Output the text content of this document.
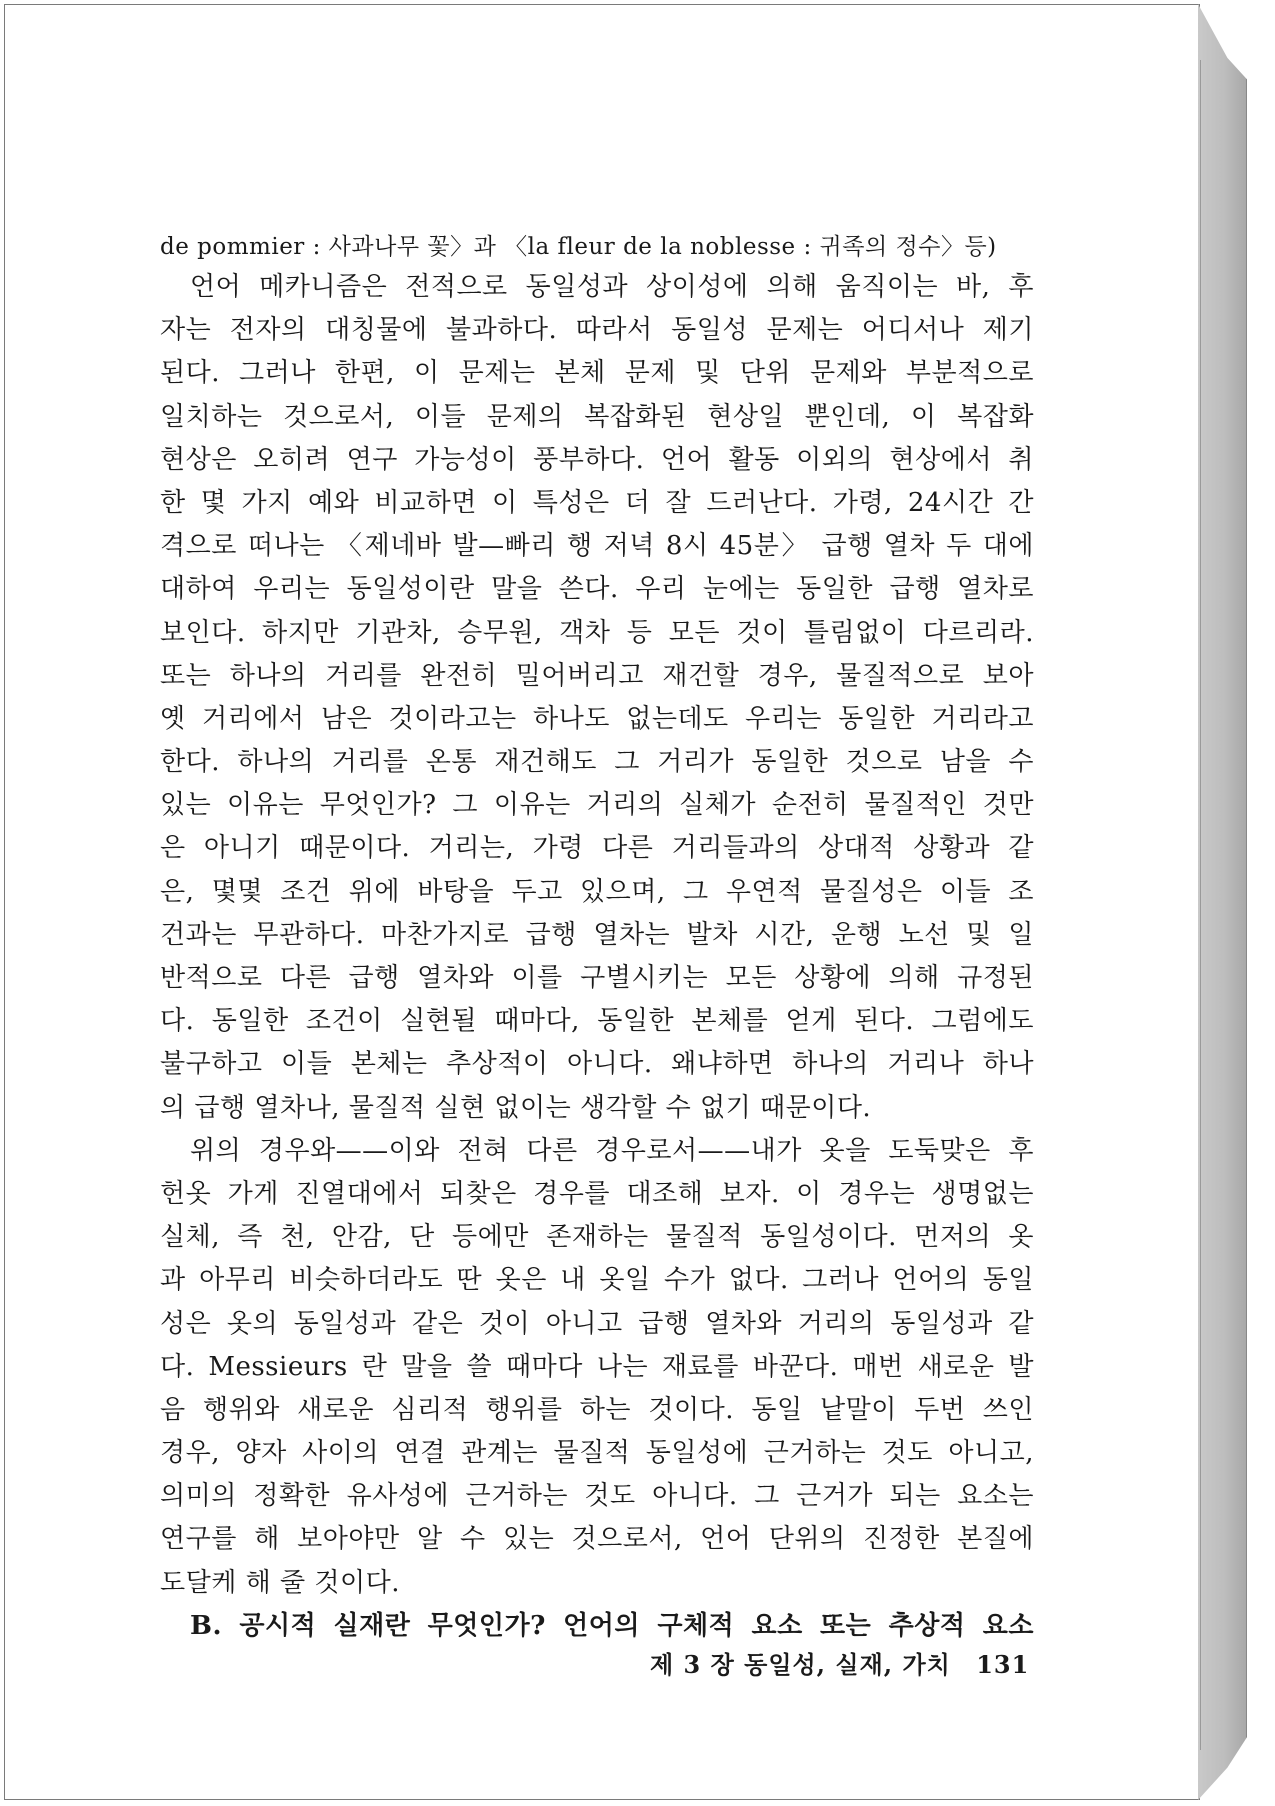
de pommier : 사과나무 꽃〉과 〈la fleur de la noblesse : 귀족의 정수〉등)
언어 메카니즘은 전적으로 동일성과 상이성에 의해 움직이는 바, 후
자는 전자의 대칭물에 불과하다. 따라서 동일성 문제는 어디서나 제기
된다. 그러나 한편, 이 문제는 본체 문제 및 단위 문제와 부분적으로
일치하는 것으로서, 이들 문제의 복잡화된 현상일 뿐인데, 이 복잡화
현상은 오히려 연구 가능성이 풍부하다. 언어 활동 이외의 현상에서 취
한 몇 가지 예와 비교하면 이 특성은 더 잘 드러난다. 가령, 24시간 간
격으로 떠나는 〈제네바 발—빠리 행 저녁 8시 45분〉 급행 열차 두 대에
대하여 우리는 동일성이란 말을 쓴다. 우리 눈에는 동일한 급행 열차로
보인다. 하지만 기관차, 승무원, 객차 등 모든 것이 틀림없이 다르리라.
또는 하나의 거리를 완전히 밀어버리고 재건할 경우, 물질적으로 보아
옛 거리에서 남은 것이라고는 하나도 없는데도 우리는 동일한 거리라고
한다. 하나의 거리를 온통 재건해도 그 거리가 동일한 것으로 남을 수
있는 이유는 무엇인가? 그 이유는 거리의 실체가 순전히 물질적인 것만
은 아니기 때문이다. 거리는, 가령 다른 거리들과의 상대적 상황과 같
은, 몇몇 조건 위에 바탕을 두고 있으며, 그 우연적 물질성은 이들 조
건과는 무관하다. 마찬가지로 급행 열차는 발차 시간, 운행 노선 및 일
반적으로 다른 급행 열차와 이를 구별시키는 모든 상황에 의해 규정된
다. 동일한 조건이 실현될 때마다, 동일한 본체를 얻게 된다. 그럼에도
불구하고 이들 본체는 추상적이 아니다. 왜냐하면 하나의 거리나 하나
의 급행 열차나, 물질적 실현 없이는 생각할 수 없기 때문이다.
위의 경우와——이와 전혀 다른 경우로서——내가 옷을 도둑맞은 후
헌옷 가게 진열대에서 되찾은 경우를 대조해 보자. 이 경우는 생명없는
실체, 즉 천, 안감, 단 등에만 존재하는 물질적 동일성이다. 먼저의 옷
과 아무리 비슷하더라도 딴 옷은 내 옷일 수가 없다. 그러나 언어의 동일
성은 옷의 동일성과 같은 것이 아니고 급행 열차와 거리의 동일성과 같
다. Messieurs 란 말을 쓸 때마다 나는 재료를 바꾼다. 매번 새로운 발
음 행위와 새로운 심리적 행위를 하는 것이다. 동일 낱말이 두번 쓰인
경우, 양자 사이의 연결 관계는 물질적 동일성에 근거하는 것도 아니고,
의미의 정확한 유사성에 근거하는 것도 아니다. 그 근거가 되는 요소는
연구를 해 보아야만 알 수 있는 것으로서, 언어 단위의 진정한 본질에
도달케 해 줄 것이다.
B. 공시적 실재란 무엇인가? 언어의 구체적 요소 또는 추상적 요소
제 3 장 동일성, 실재, 가치 131
